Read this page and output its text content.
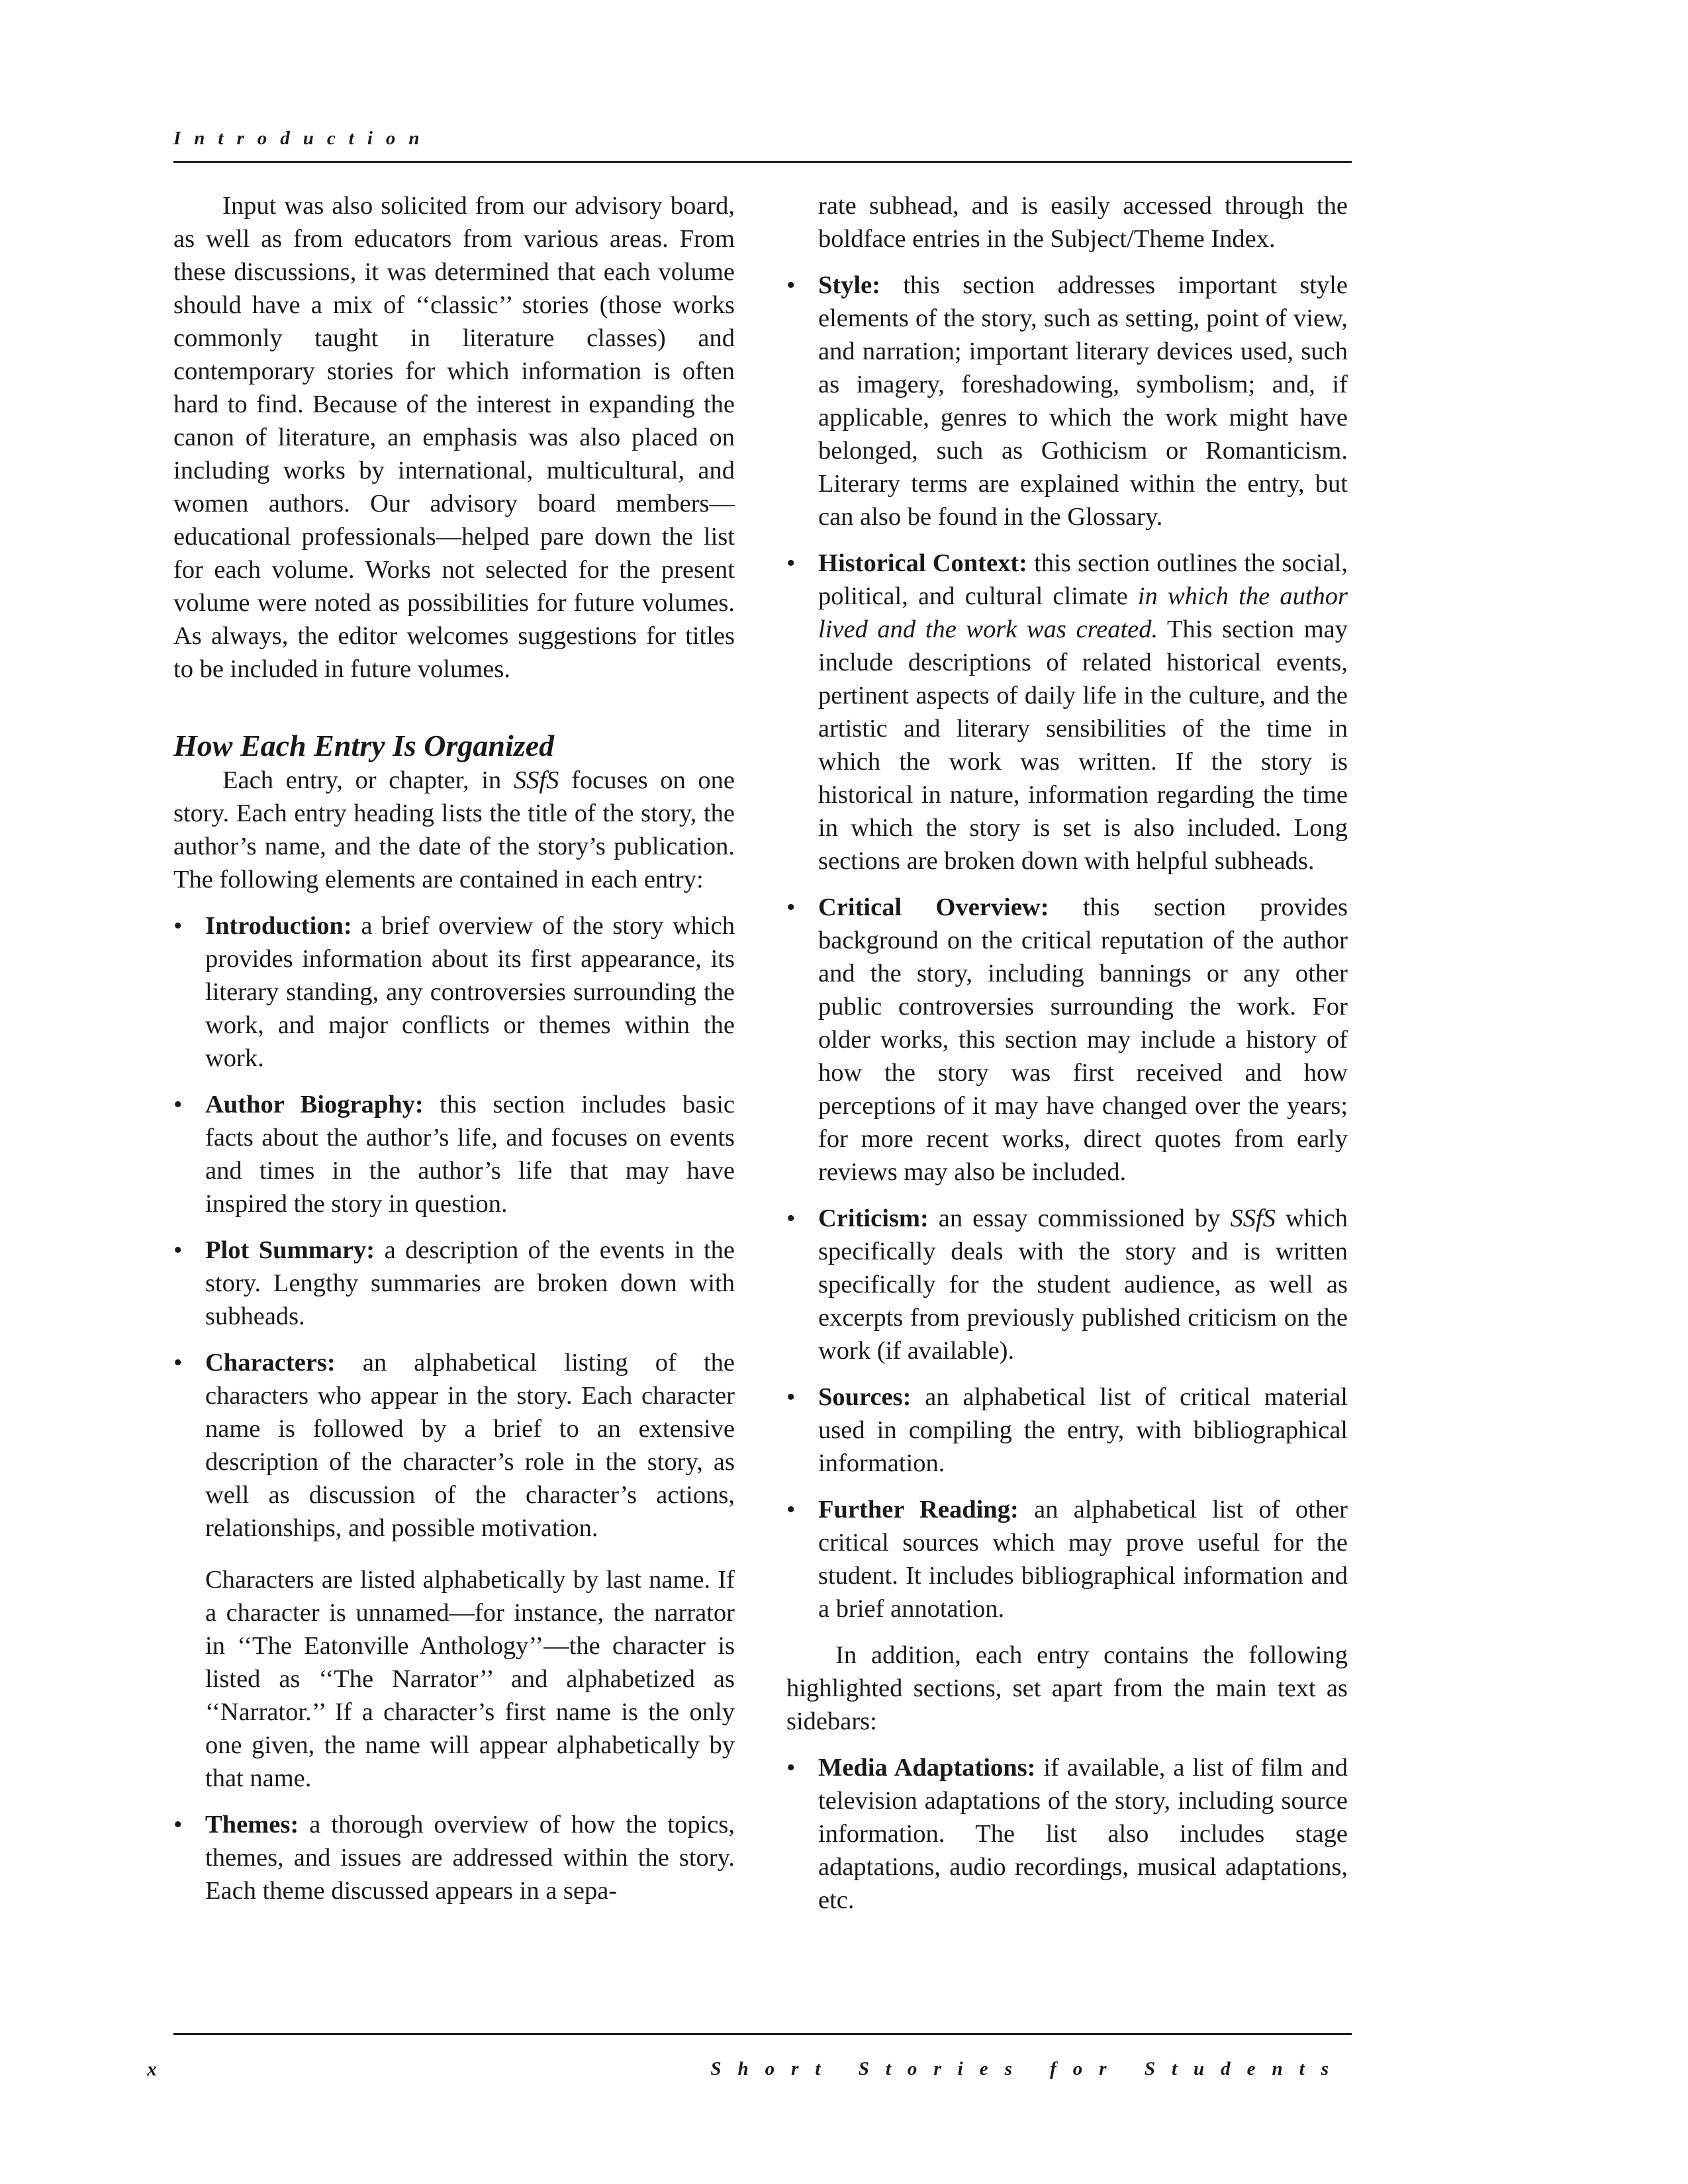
Introduction

Input was also solicited from our advisory board, as well as from educators from various areas. From these discussions, it was determined that each volume should have a mix of ‘‘classic’’ stories (those works commonly taught in literature classes) and contemporary stories for which information is often hard to find. Because of the interest in expanding the canon of literature, an emphasis was also placed on including works by international, multicultural, and women authors. Our advisory board members—educational professionals—helped pare down the list for each volume. Works not selected for the present volume were noted as possibilities for future volumes. As always, the editor welcomes suggestions for titles to be included in future volumes.

How Each Entry Is Organized

Each entry, or chapter, in SSfS focuses on one story. Each entry heading lists the title of the story, the author’s name, and the date of the story’s publication. The following elements are contained in each entry:

• Introduction: a brief overview of the story which provides information about its first appearance, its literary standing, any controversies surrounding the work, and major conflicts or themes within the work.
• Author Biography: this section includes basic facts about the author’s life, and focuses on events and times in the author’s life that may have inspired the story in question.
• Plot Summary: a description of the events in the story. Lengthy summaries are broken down with subheads.
• Characters: an alphabetical listing of the characters who appear in the story. Each character name is followed by a brief to an extensive description of the character’s role in the story, as well as discussion of the character’s actions, relationships, and possible motivation.
Characters are listed alphabetically by last name. If a character is unnamed—for instance, the narrator in ‘‘The Eatonville Anthology’’—the character is listed as ‘‘The Narrator’’ and alphabetized as ‘‘Narrator.’’ If a character’s first name is the only one given, the name will appear alphabetically by that name.
• Themes: a thorough overview of how the topics, themes, and issues are addressed within the story. Each theme discussed appears in a sepa-

rate subhead, and is easily accessed through the boldface entries in the Subject/Theme Index.

• Style: this section addresses important style elements of the story, such as setting, point of view, and narration; important literary devices used, such as imagery, foreshadowing, symbolism; and, if applicable, genres to which the work might have belonged, such as Gothicism or Romanticism. Literary terms are explained within the entry, but can also be found in the Glossary.
• Historical Context: this section outlines the social, political, and cultural climate in which the author lived and the work was created. This section may include descriptions of related historical events, pertinent aspects of daily life in the culture, and the artistic and literary sensibilities of the time in which the work was written. If the story is historical in nature, information regarding the time in which the story is set is also included. Long sections are broken down with helpful subheads.
• Critical Overview: this section provides background on the critical reputation of the author and the story, including bannings or any other public controversies surrounding the work. For older works, this section may include a history of how the story was first received and how perceptions of it may have changed over the years; for more recent works, direct quotes from early reviews may also be included.
• Criticism: an essay commissioned by SSfS which specifically deals with the story and is written specifically for the student audience, as well as excerpts from previously published criticism on the work (if available).
• Sources: an alphabetical list of critical material used in compiling the entry, with bibliographical information.
• Further Reading: an alphabetical list of other critical sources which may prove useful for the student. It includes bibliographical information and a brief annotation.

In addition, each entry contains the following highlighted sections, set apart from the main text as sidebars:

• Media Adaptations: if available, a list of film and television adaptations of the story, including source information. The list also includes stage adaptations, audio recordings, musical adaptations, etc.
x	Short Stories for Students
